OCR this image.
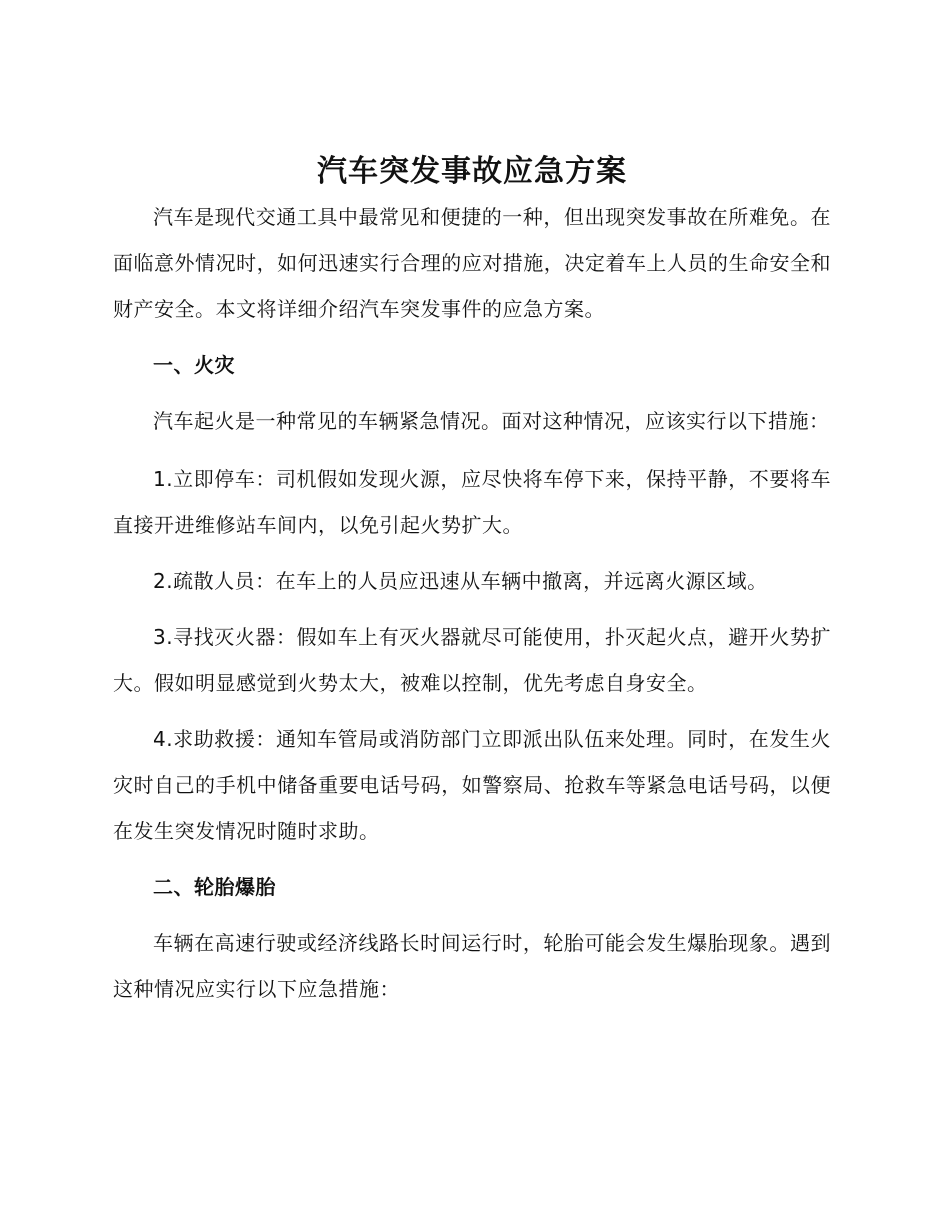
汽车突发事故应急方案

汽车是现代交通工具中最常见和便捷的一种，但出现突发事故在所难免。在面临意外情况时，如何迅速实行合理的应对措施，决定着车上人员的生命安全和财产安全。本文将详细介绍汽车突发事件的应急方案。

一、火灾

汽车起火是一种常见的车辆紧急情况。面对这种情况，应该实行以下措施：

1.立即停车：司机假如发现火源，应尽快将车停下来，保持平静，不要将车直接开进维修站车间内，以免引起火势扩大。

2.疏散人员：在车上的人员应迅速从车辆中撤离，并远离火源区域。

3.寻找灭火器：假如车上有灭火器就尽可能使用，扑灭起火点，避开火势扩大。假如明显感觉到火势太大，被难以控制，优先考虑自身安全。

4.求助救援：通知车管局或消防部门立即派出队伍来处理。同时，在发生火灾时自己的手机中储备重要电话号码，如警察局、抢救车等紧急电话号码，以便在发生突发情况时随时求助。

二、轮胎爆胎

车辆在高速行驶或经济线路长时间运行时，轮胎可能会发生爆胎现象。遇到这种情况应实行以下应急措施：
